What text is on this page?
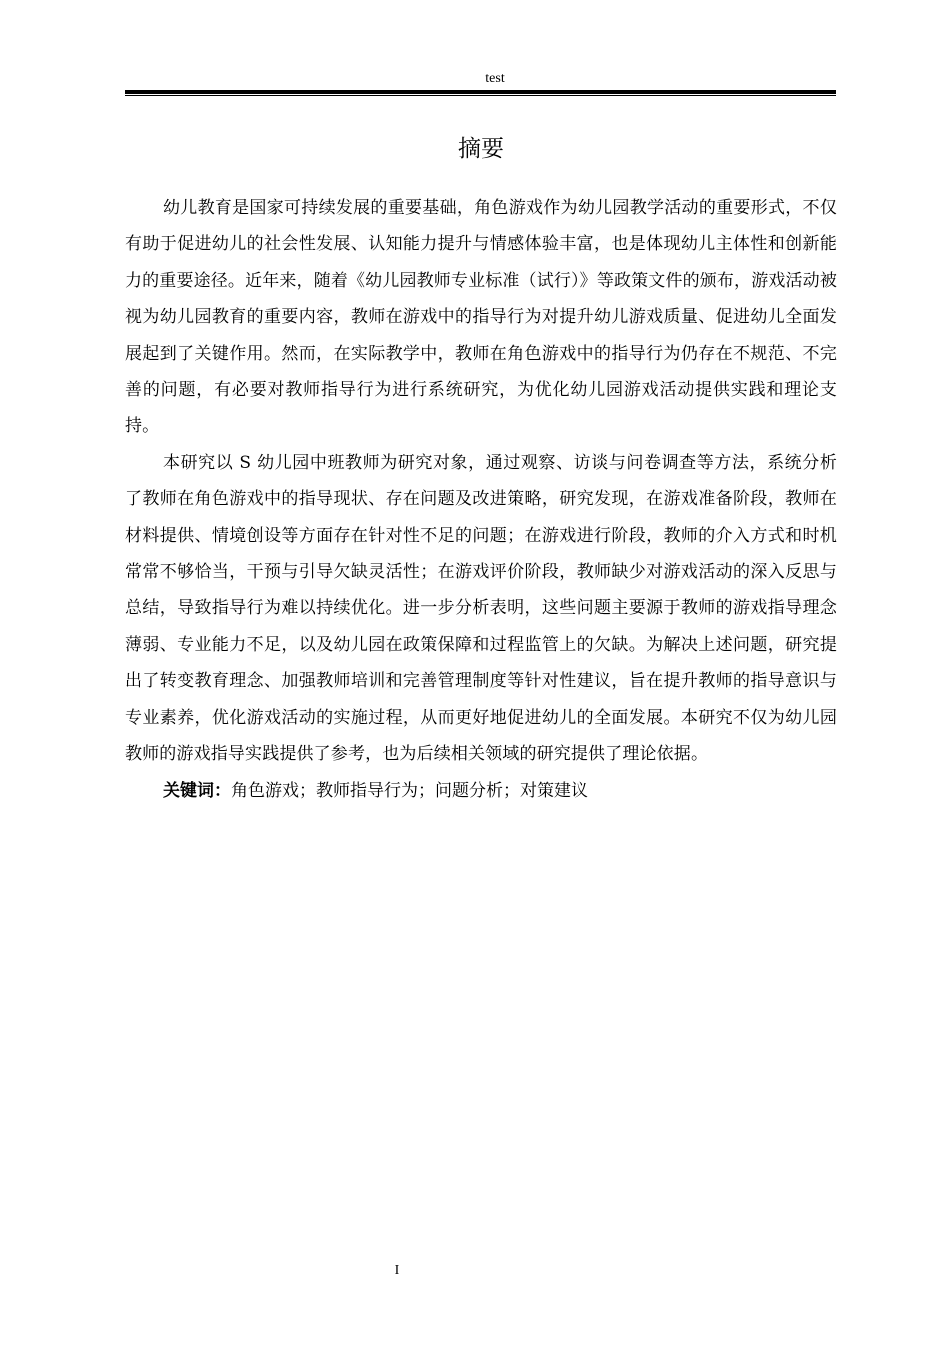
test
摘要

幼儿教育是国家可持续发展的重要基础，角色游戏作为幼儿园教学活动的重要形式，不仅有助于促进幼儿的社会性发展、认知能力提升与情感体验丰富，也是体现幼儿主体性和创新能力的重要途径。近年来，随着《幼儿园教师专业标准（试行）》等政策文件的颁布，游戏活动被视为幼儿园教育的重要内容，教师在游戏中的指导行为对提升幼儿游戏质量、促进幼儿全面发展起到了关键作用。然而，在实际教学中，教师在角色游戏中的指导行为仍存在不规范、不完善的问题，有必要对教师指导行为进行系统研究，为优化幼儿园游戏活动提供实践和理论支持。

本研究以 S 幼儿园中班教师为研究对象，通过观察、访谈与问卷调查等方法，系统分析了教师在角色游戏中的指导现状、存在问题及改进策略，研究发现，在游戏准备阶段，教师在材料提供、情境创设等方面存在针对性不足的问题；在游戏进行阶段，教师的介入方式和时机常常不够恰当，干预与引导欠缺灵活性；在游戏评价阶段，教师缺少对游戏活动的深入反思与总结，导致指导行为难以持续优化。进一步分析表明，这些问题主要源于教师的游戏指导理念薄弱、专业能力不足，以及幼儿园在政策保障和过程监管上的欠缺。为解决上述问题，研究提出了转变教育理念、加强教师培训和完善管理制度等针对性建议，旨在提升教师的指导意识与专业素养，优化游戏活动的实施过程，从而更好地促进幼儿的全面发展。本研究不仅为幼儿园教师的游戏指导实践提供了参考，也为后续相关领域的研究提供了理论依据。

关键词：角色游戏；教师指导行为；问题分析；对策建议

I
